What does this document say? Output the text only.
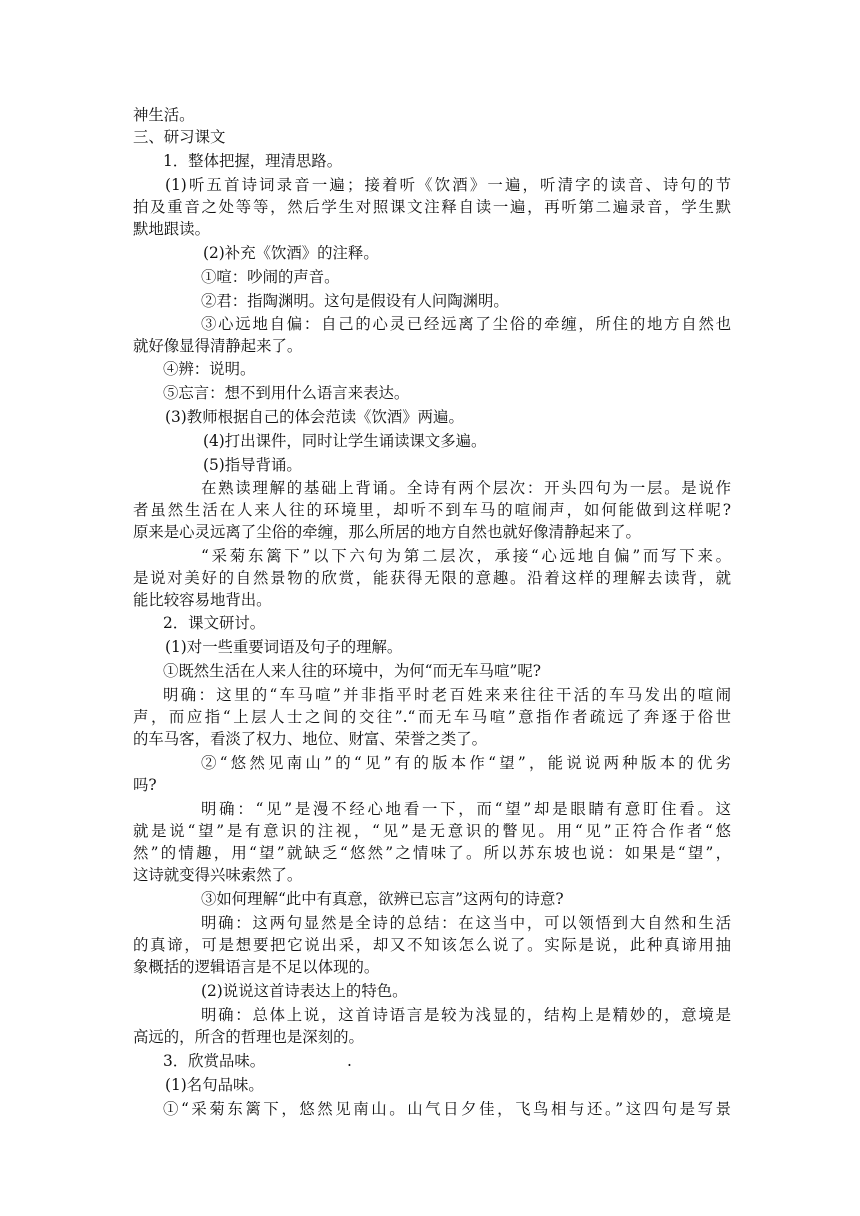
神生活。
三、研习课文
1．整体把握，理清思路。
(1)听五首诗词录音一遍；接着听《饮酒》一遍，听清字的读音、诗句的节
拍及重音之处等等，然后学生对照课文注释自读一遍，再听第二遍录音，学生默
默地跟读。
(2)补充《饮酒》的注释。
①喧：吵闹的声音。
②君：指陶渊明。这句是假设有人问陶渊明。
③心远地自偏：自己的心灵已经远离了尘俗的牵缠，所住的地方自然也
就好像显得清静起来了。
④辨：说明。
⑤忘言：想不到用什么语言来表达。
(3)教师根据自己的体会范读《饮酒》两遍。
(4)打出课件，同时让学生诵读课文多遍。
(5)指导背诵。
在熟读理解的基础上背诵。全诗有两个层次：开头四句为一层。是说作
者虽然生活在人来人往的环境里，却听不到车马的喧闹声，如何能做到这样呢?
原来是心灵远离了尘俗的牵缠，那么所居的地方自然也就好像清静起来了。
“采菊东篱下”以下六句为第二层次，承接“心远地自偏”而写下来。
是说对美好的自然景物的欣赏，能获得无限的意趣。沿着这样的理解去读背，就
能比较容易地背出。
2．课文研讨。
(1)对一些重要词语及句子的理解。
①既然生活在人来人往的环境中，为何“而无车马喧”呢?
明确：这里的“车马喧”并非指平时老百姓来来往往干活的车马发出的喧闹
声，而应指“上层人士之间的交往”.“而无车马喧”意指作者疏远了奔逐于俗世
的车马客，看淡了权力、地位、财富、荣誉之类了。
②“悠然见南山”的“见”有的版本作“望”，能说说两种版本的优劣
吗?
明确：“见”是漫不经心地看一下，而“望”却是眼睛有意盯住看。这
就是说“望”是有意识的注视，“见”是无意识的瞥见。用“见”正符合作者“悠
然”的情趣，用“望”就缺乏“悠然”之情味了。所以苏东坡也说：如果是“望”，
这诗就变得兴味索然了。
③如何理解“此中有真意，欲辨已忘言”这两句的诗意?
明确：这两句显然是全诗的总结：在这当中，可以领悟到大自然和生活
的真谛，可是想要把它说出采，却又不知该怎么说了。实际是说，此种真谛用抽
象概括的逻辑语言是不足以体现的。
(2)说说这首诗表达上的特色。
明确：总体上说，这首诗语言是较为浅显的，结构上是精妙的，意境是
高远的，所含的哲理也是深刻的。
3．欣赏品味。	.
(1)名句品味。
①“采菊东篱下，悠然见南山。山气日夕佳，飞鸟相与还。”这四句是写景
